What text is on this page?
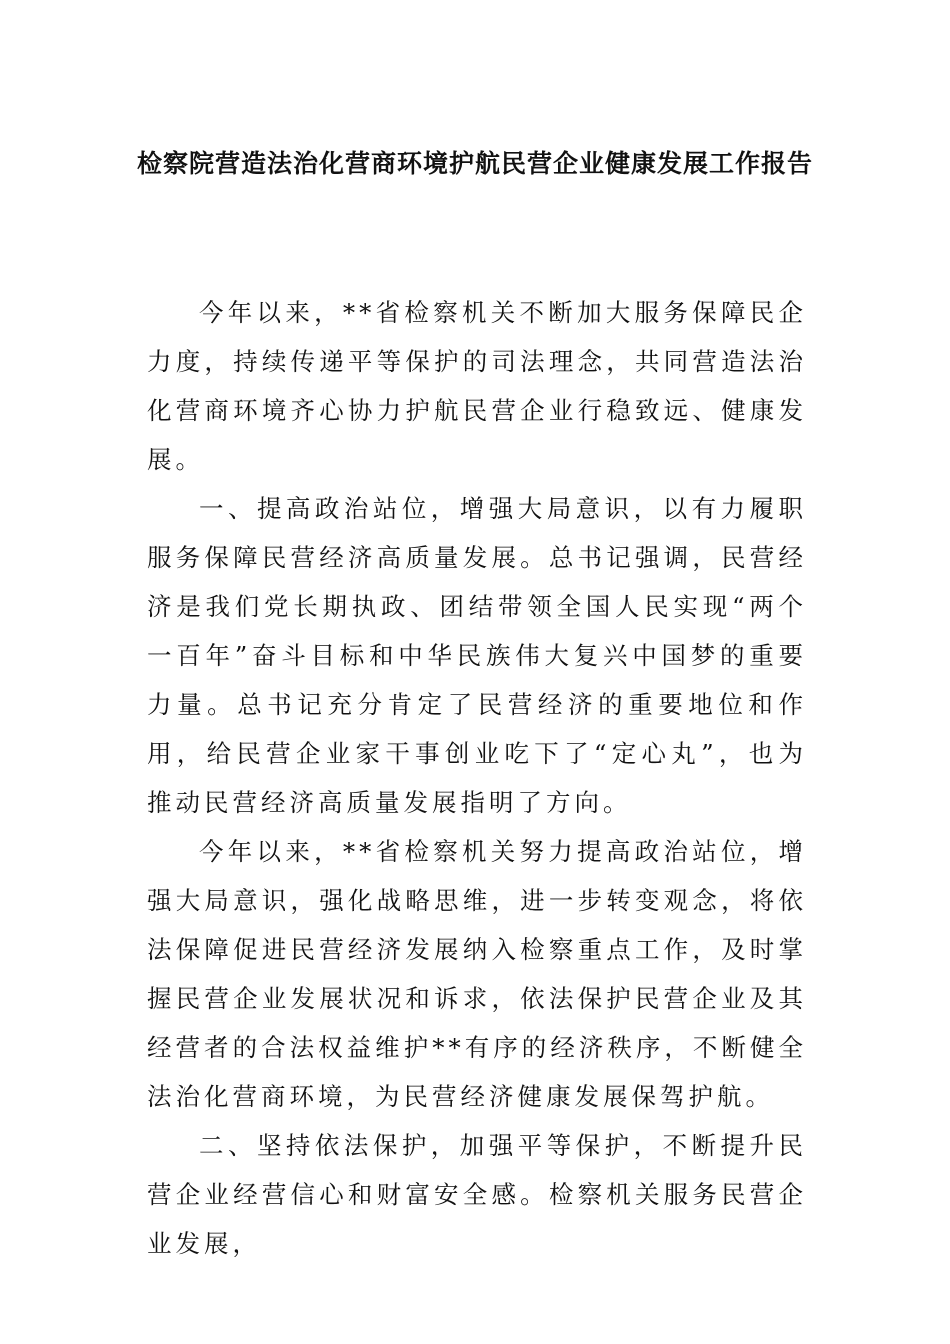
检察院营造法治化营商环境护航民营企业健康发展工作报告

今年以来，**省检察机关不断加大服务保障民企力度，持续传递平等保护的司法理念，共同营造法治化营商环境齐心协力护航民营企业行稳致远、健康发展。

一、提高政治站位，增强大局意识，以有力履职服务保障民营经济高质量发展。总书记强调，民营经济是我们党长期执政、团结带领全国人民实现“两个一百年”奋斗目标和中华民族伟大复兴中国梦的重要力量。总书记充分肯定了民营经济的重要地位和作用，给民营企业家干事创业吃下了“定心丸”，也为推动民营经济高质量发展指明了方向。

今年以来，**省检察机关努力提高政治站位，增强大局意识，强化战略思维，进一步转变观念，将依法保障促进民营经济发展纳入检察重点工作，及时掌握民营企业发展状况和诉求，依法保护民营企业及其经营者的合法权益维护**有序的经济秩序，不断健全法治化营商环境，为民营经济健康发展保驾护航。

二、坚持依法保护，加强平等保护，不断提升民营企业经营信心和财富安全感。检察机关服务民营企业发展，
